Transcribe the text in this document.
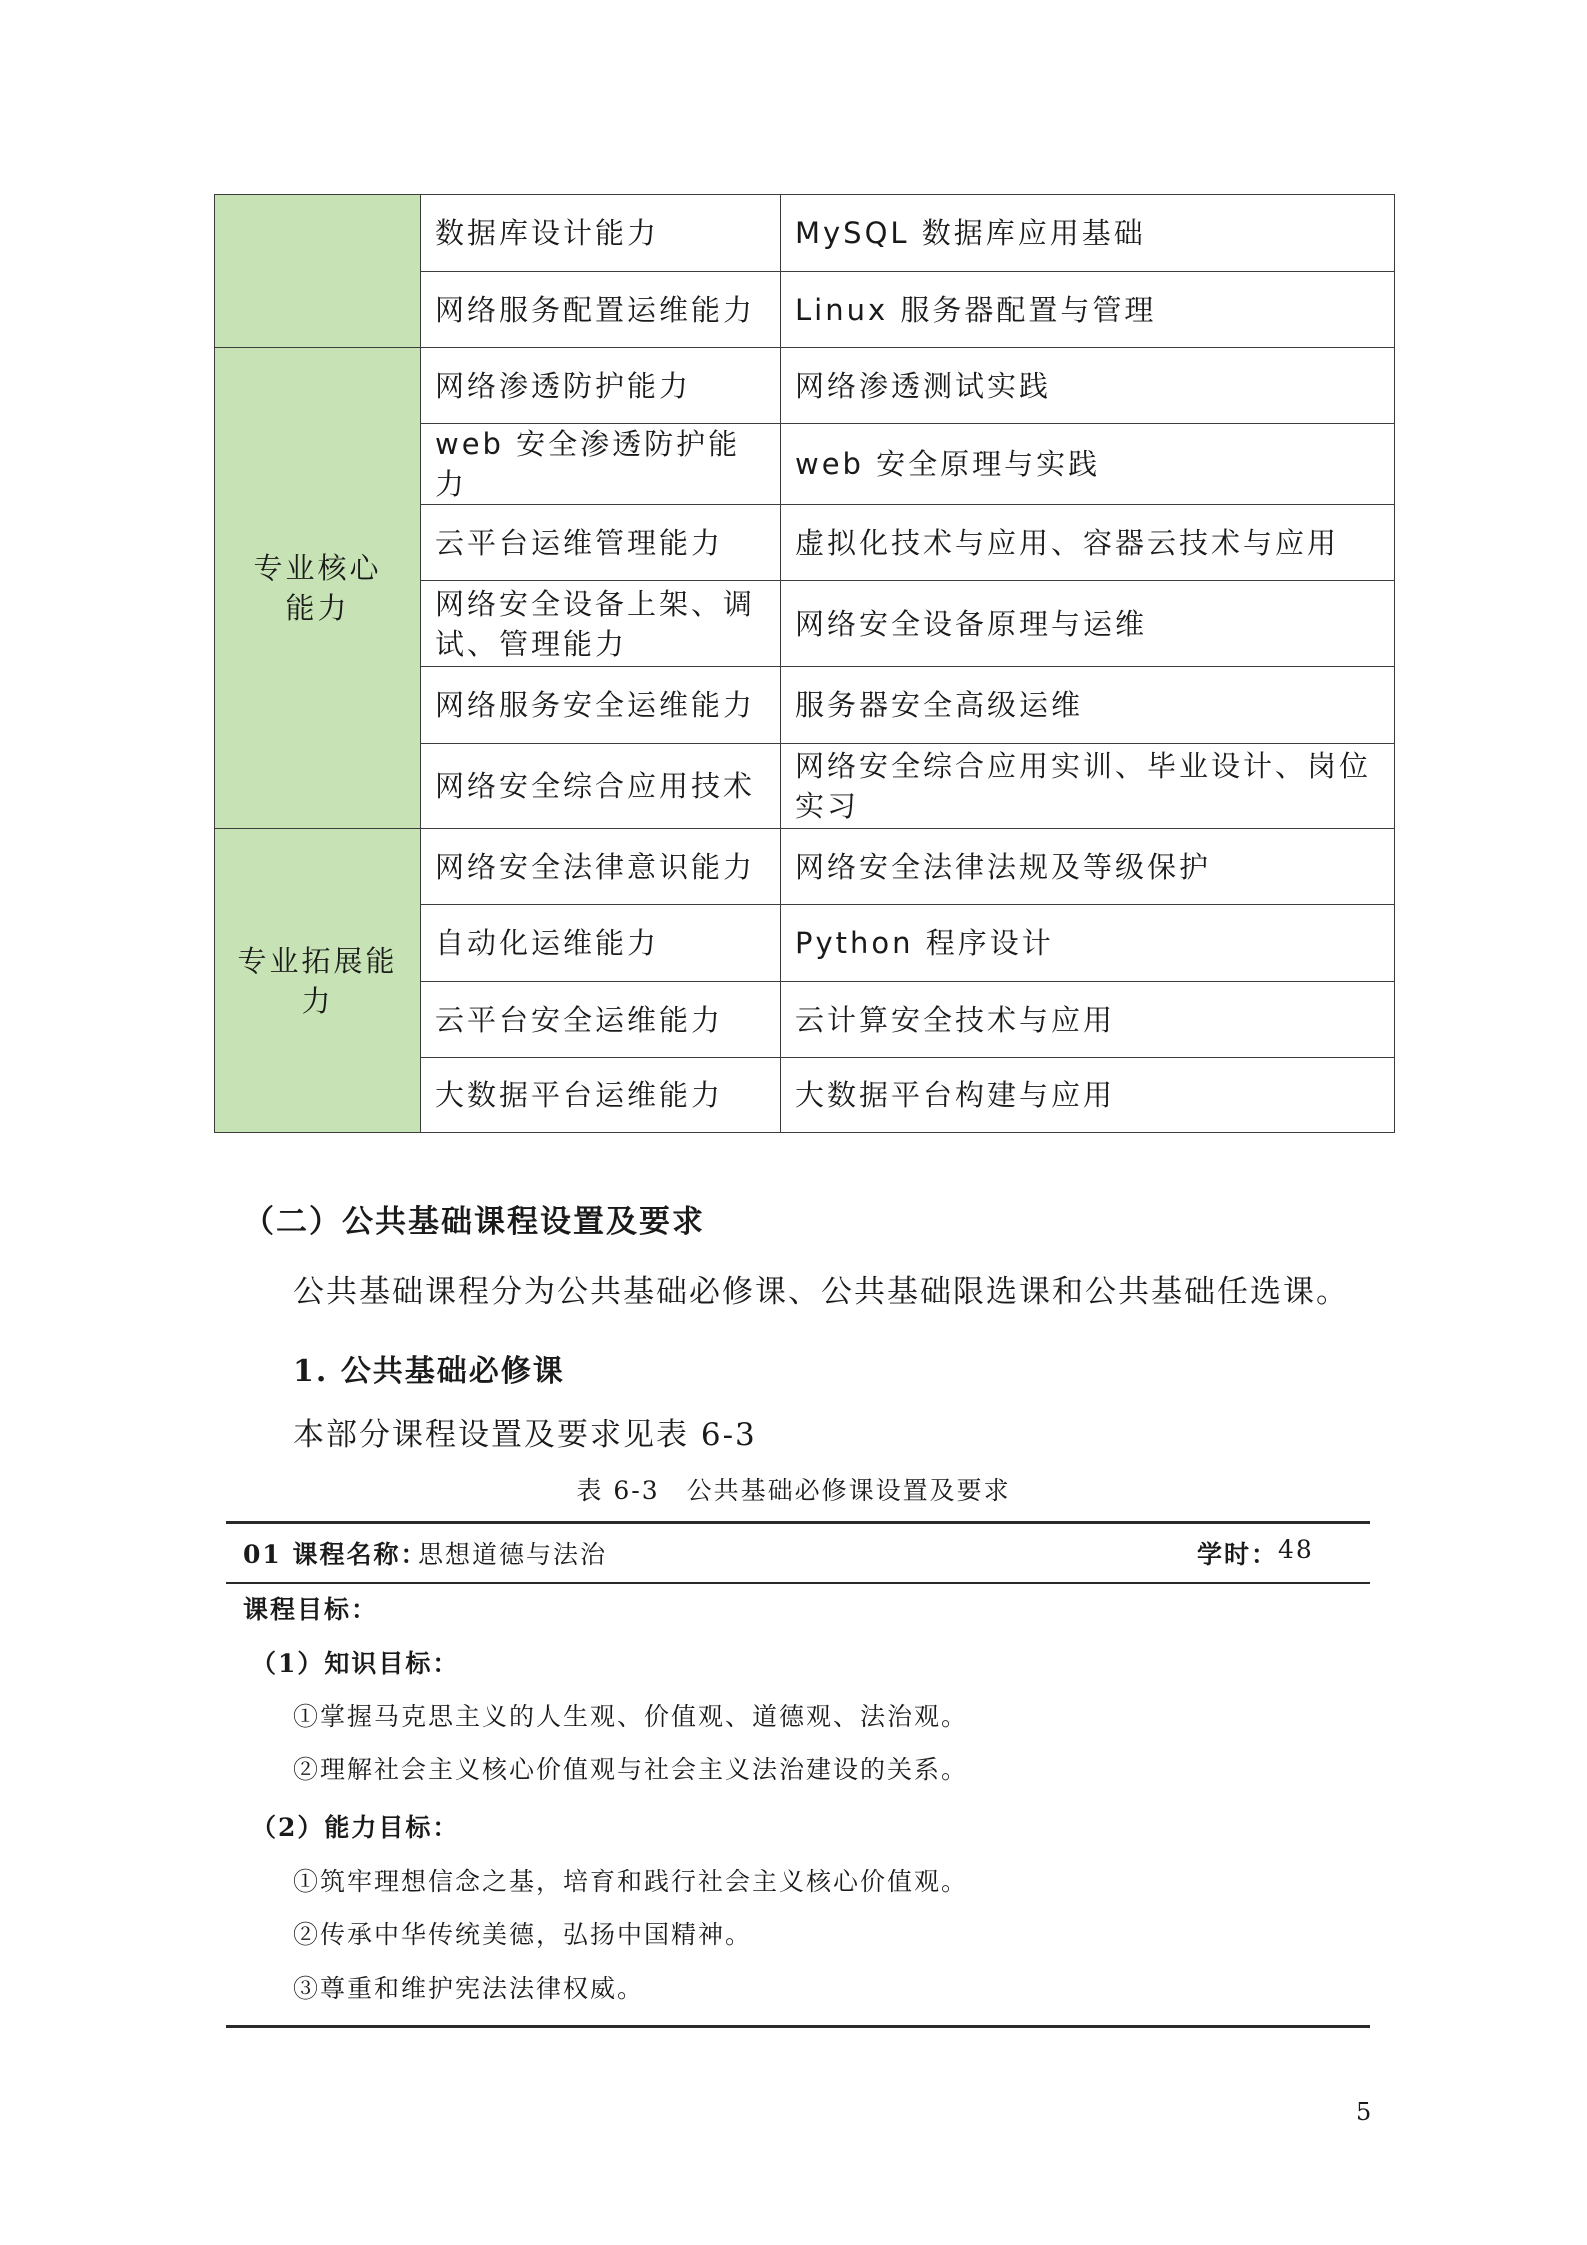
	数据库设计能力	MySQL 数据库应用基础
	网络服务配置运维能力	Linux 服务器配置与管理
专业核心能力	网络渗透防护能力	网络渗透测试实践
	web 安全渗透防护能力	web 安全原理与实践
	云平台运维管理能力	虚拟化技术与应用、容器云技术与应用
	网络安全设备上架、调试、管理能力	网络安全设备原理与运维
	网络服务安全运维能力	服务器安全高级运维
	网络安全综合应用技术	网络安全综合应用实训、毕业设计、岗位实习
专业拓展能力	网络安全法律意识能力	网络安全法律法规及等级保护
	自动化运维能力	Python 程序设计
	云平台安全运维能力	云计算安全技术与应用
	大数据平台运维能力	大数据平台构建与应用
（二）公共基础课程设置及要求

公共基础课程分为公共基础必修课、公共基础限选课和公共基础任选课。

1. 公共基础必修课

本部分课程设置及要求见表 6-3

表 6-3　公共基础必修课设置及要求

01 课程名称：
思想道德与法治	学时： 48
课程目标：
（1）知识目标：
①掌握马克思主义的人生观、价值观、道德观、法治观。
②理解社会主义核心价值观与社会主义法治建设的关系。
（2）能力目标：
①筑牢理想信念之基，培育和践行社会主义核心价值观。
②传承中华传统美德，弘扬中国精神。
③尊重和维护宪法法律权威。
5
